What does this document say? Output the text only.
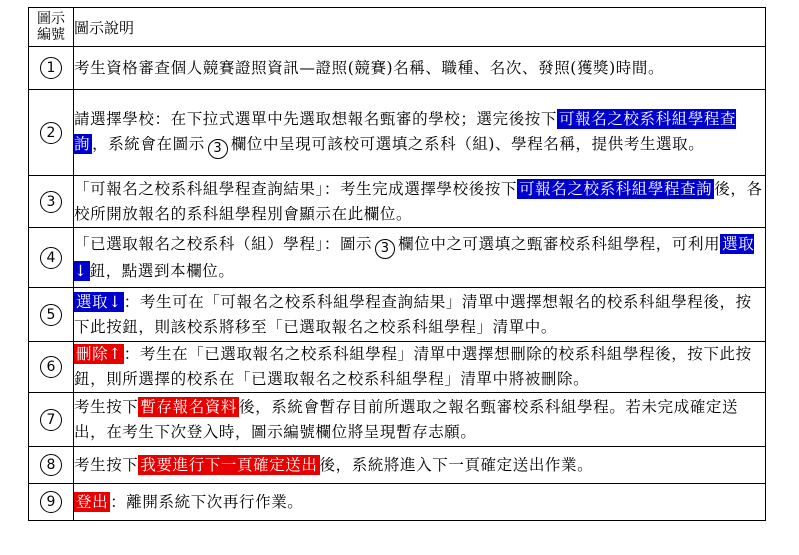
圖示
編號	圖示說明
1	考生資格審查個人競賽證照資訊—證照(競賽)名稱、職種、名次、發照(獲獎)時間。
2	請選擇學校：在下拉式選單中先選取想報名甄審的學校；選完後按下 可報名之校系科組學程查詢 ，系統會在圖示 3 欄位中呈現可該校可選填之系科（組)、學程名稱，提供考生選取。
3	「可報名之校系科組學程查詢結果」：考生完成選擇學校後按下 可報名之校系科組學程查詢 後，各校所開放報名的系科組學程別會顯示在此欄位。
4	「已選取報名之校系科（組）學程」：圖示 3 欄位中之可選填之甄審校系科組學程，可利用 選取↓ 鈕，點選到本欄位。
5	選取↓ ：考生可在「可報名之校系科組學程查詢結果」清單中選擇想報名的校系科組學程後，按下此按鈕，則該校系將移至「已選取報名之校系科組學程」清單中。
6	刪除↑ ：考生在「已選取報名之校系科組學程」清單中選擇想刪除的校系科組學程後，按下此按鈕，則所選擇的校系在「已選取報名之校系科組學程」清單中將被刪除。
7	考生按下 暫存報名資料 後，系統會暫存目前所選取之報名甄審校系科組學程。若未完成確定送出，在考生下次登入時，圖示編號欄位將呈現暫存志願。
8	考生按下 我要進行下一頁確定送出 後，系統將進入下一頁確定送出作業。
9	登出 ：離開系統下次再行作業。
